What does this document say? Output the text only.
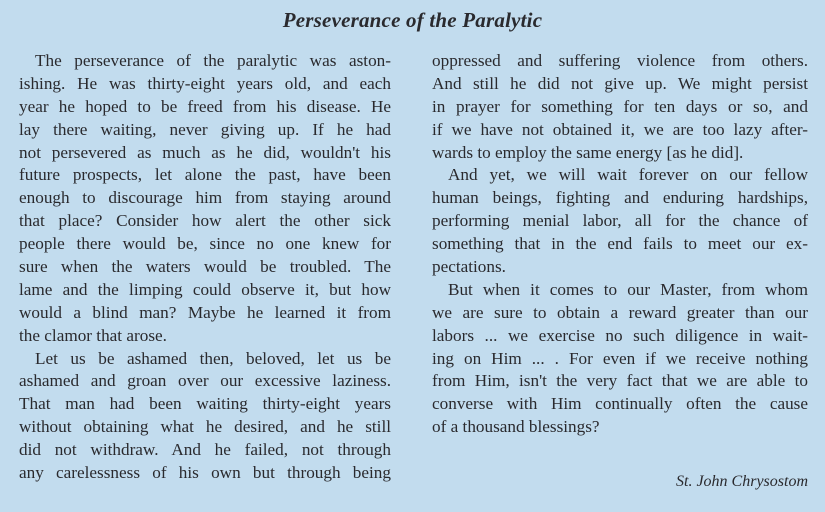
Perseverance of the Paralytic
The perseverance of the paralytic was aston-
ishing. He was thirty-eight years old, and each
year he hoped to be freed from his disease. He
lay there waiting, never giving up. If he had
not persevered as much as he did, wouldn't his
future prospects, let alone the past, have been
enough to discourage him from staying around
that place? Consider how alert the other sick
people there would be, since no one knew for
sure when the waters would be troubled. The
lame and the limping could observe it, but how
would a blind man? Maybe he learned it from
the clamor that arose.
Let us be ashamed then, beloved, let us be
ashamed and groan over our excessive laziness.
That man had been waiting thirty-eight years
without obtaining what he desired, and he still
did not withdraw. And he failed, not through
any carelessness of his own but through being
oppressed and suffering violence from others.
And still he did not give up. We might persist
in prayer for something for ten days or so, and
if we have not obtained it, we are too lazy after-
wards to employ the same energy [as he did].
And yet, we will wait forever on our fellow
human beings, fighting and enduring hardships,
performing menial labor, all for the chance of
something that in the end fails to meet our ex-
pectations.
But when it comes to our Master, from whom
we are sure to obtain a reward greater than our
labors ... we exercise no such diligence in wait-
ing on Him ... . For even if we receive nothing
from Him, isn't the very fact that we are able to
converse with Him continually often the cause
of a thousand blessings?
St. John Chrysostom
